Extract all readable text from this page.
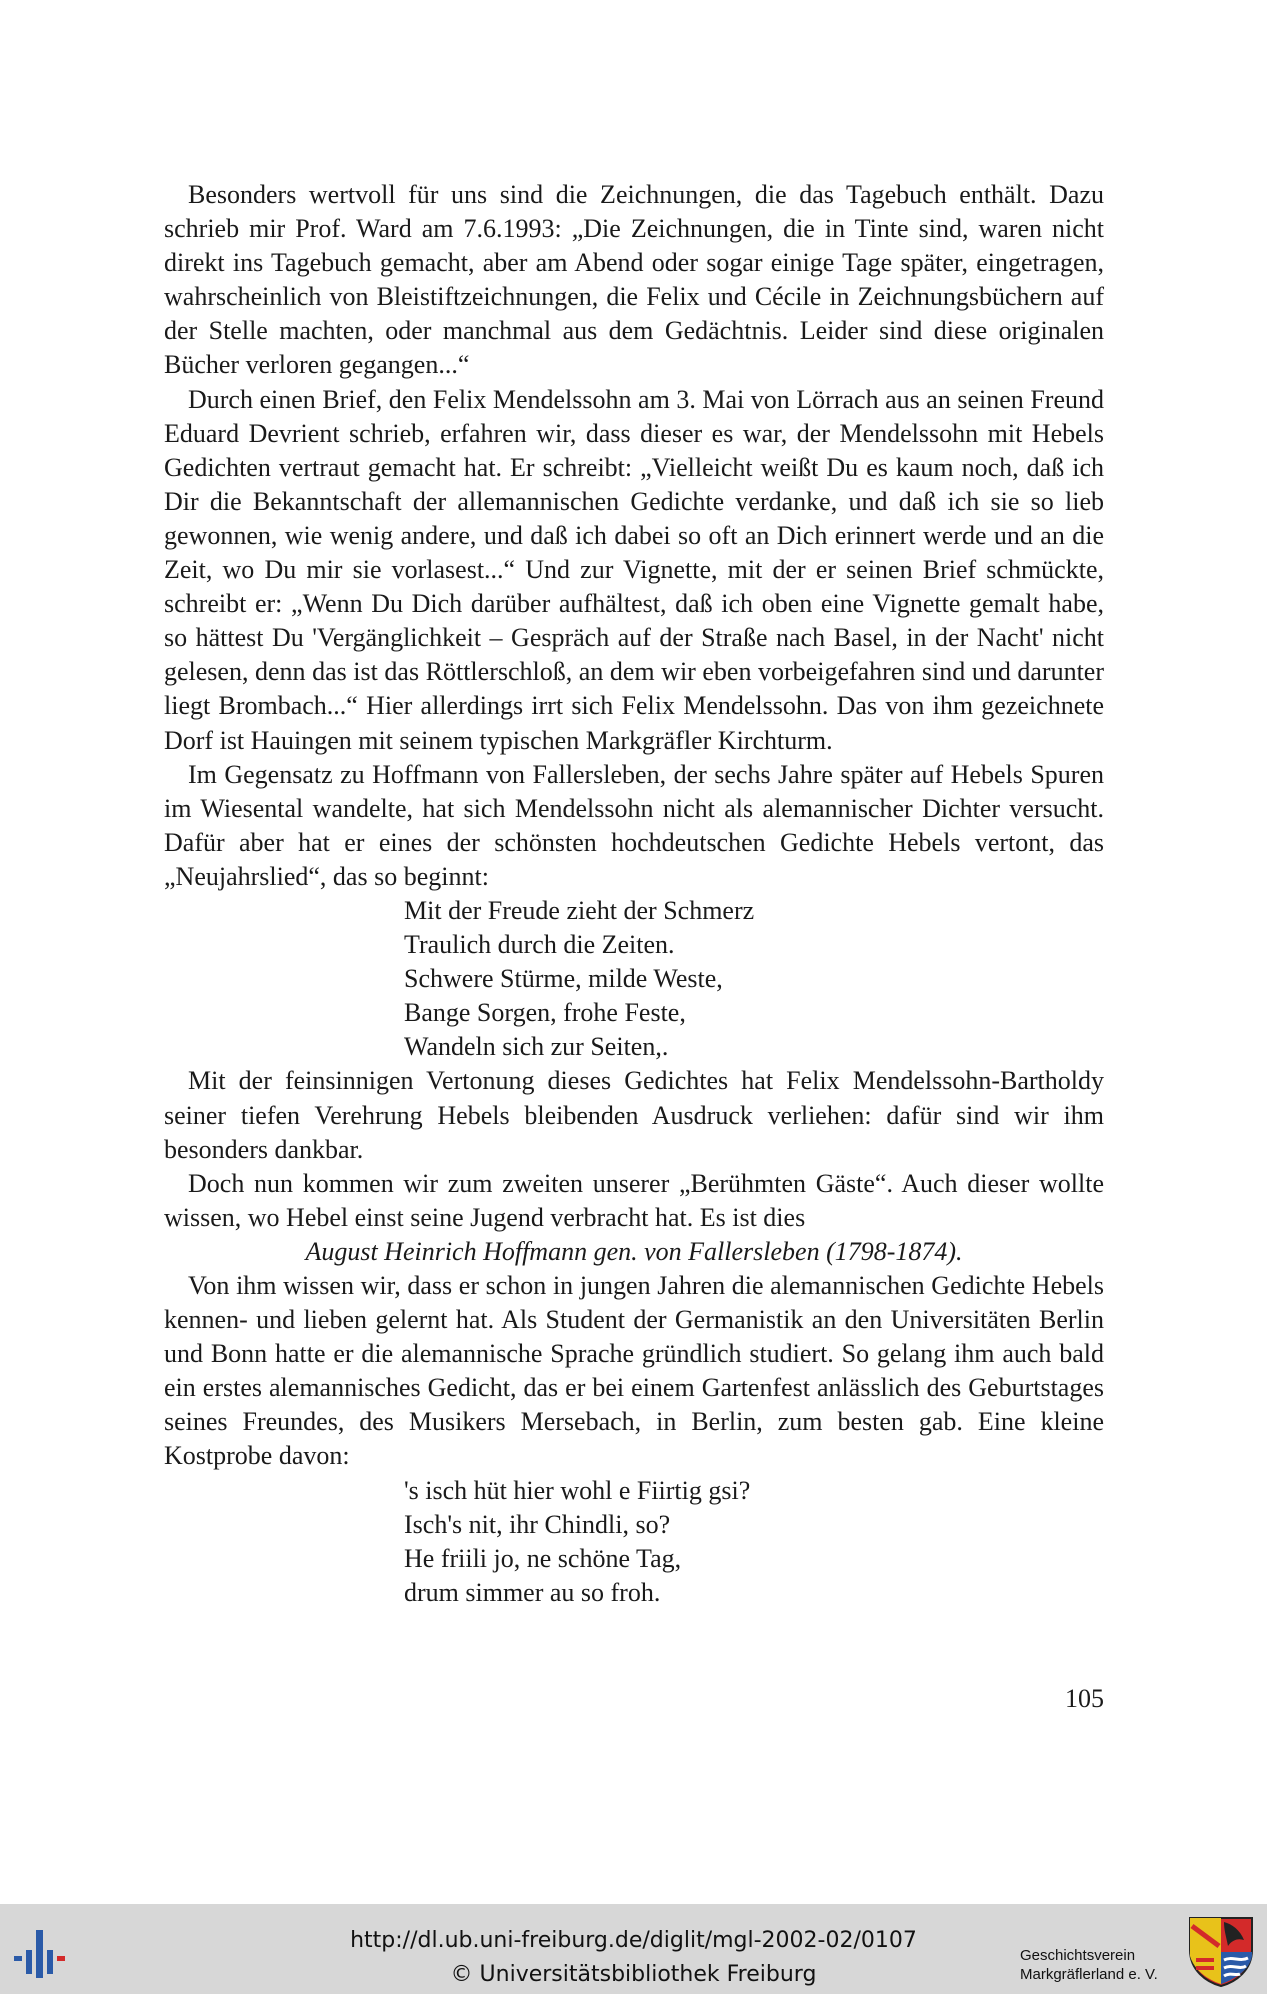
Besonders wertvoll für uns sind die Zeichnungen, die das Tagebuch enthält. Dazu schrieb mir Prof. Ward am 7.6.1993: „Die Zeichnungen, die in Tinte sind, waren nicht direkt ins Tagebuch gemacht, aber am Abend oder sogar einige Tage später, eingetragen, wahrscheinlich von Bleistiftzeichnungen, die Felix und Cécile in Zeichnungsbüchern auf der Stelle machten, oder manchmal aus dem Gedächtnis. Leider sind diese originalen Bücher verloren gegangen...“

Durch einen Brief, den Felix Mendelssohn am 3. Mai von Lörrach aus an seinen Freund Eduard Devrient schrieb, erfahren wir, dass dieser es war, der Mendelssohn mit Hebels Gedichten vertraut gemacht hat. Er schreibt: „Vielleicht weißt Du es kaum noch, daß ich Dir die Bekanntschaft der allemannischen Gedichte verdanke, und daß ich sie so lieb gewonnen, wie wenig andere, und daß ich dabei so oft an Dich erinnert werde und an die Zeit, wo Du mir sie vorlasest...“ Und zur Vignette, mit der er seinen Brief schmückte, schreibt er: „Wenn Du Dich darüber aufhältest, daß ich oben eine Vignette gemalt habe, so hättest Du 'Vergänglichkeit – Gespräch auf der Straße nach Basel, in der Nacht' nicht gelesen, denn das ist das Röttlerschloß, an dem wir eben vorbeigefahren sind und darunter liegt Brombach...“ Hier allerdings irrt sich Felix Mendelssohn. Das von ihm gezeichnete Dorf ist Hauingen mit seinem typischen Markgräfler Kirchturm.

Im Gegensatz zu Hoffmann von Fallersleben, der sechs Jahre später auf Hebels Spuren im Wiesental wandelte, hat sich Mendelssohn nicht als alemannischer Dichter versucht. Dafür aber hat er eines der schönsten hochdeutschen Gedichte Hebels vertont, das „Neujahrslied“, das so beginnt:

Mit der Freude zieht der Schmerz
Traulich durch die Zeiten.
Schwere Stürme, milde Weste,
Bange Sorgen, frohe Feste,
Wandeln sich zur Seiten,.

Mit der feinsinnigen Vertonung dieses Gedichtes hat Felix Mendelssohn-Bartholdy seiner tiefen Verehrung Hebels bleibenden Ausdruck verliehen: dafür sind wir ihm besonders dankbar.

Doch nun kommen wir zum zweiten unserer „Berühmten Gäste“. Auch dieser wollte wissen, wo Hebel einst seine Jugend verbracht hat. Es ist dies

August Heinrich Hoffmann gen. von Fallersleben (1798-1874).

Von ihm wissen wir, dass er schon in jungen Jahren die alemannischen Gedichte Hebels kennen- und lieben gelernt hat. Als Student der Germanistik an den Universitäten Berlin und Bonn hatte er die alemannische Sprache gründlich studiert. So gelang ihm auch bald ein erstes alemannisches Gedicht, das er bei einem Gartenfest anlässlich des Geburtstages seines Freundes, des Musikers Mersebach, in Berlin, zum besten gab. Eine kleine Kostprobe davon:

's isch hüt hier wohl e Fiirtig gsi?
Isch's nit, ihr Chindli, so?
He friili jo, ne schöne Tag,
drum simmer au so froh.
105
http://dl.ub.uni-freiburg.de/diglit/mgl-2002-02/0107
© Universitätsbibliothek Freiburg
Geschichtsverein
Markgräflerland e. V.
